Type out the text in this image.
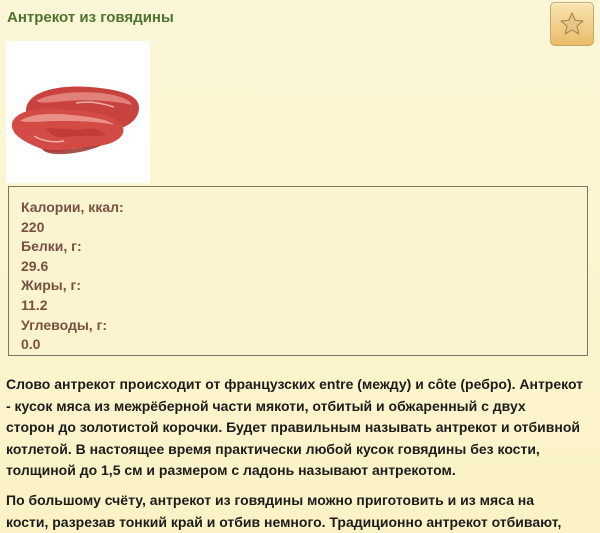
Антрекот из говядины
Калории, ккал:
220
Белки, г:
29.6
Жиры, г:
11.2
Углеводы, г:
0.0
Слово антрекот происходит от французских entre (между) и côte (ребро). Антрекот
- кусок мяса из межрёберной части мякоти, отбитый и обжаренный с двух
сторон до золотистой корочки. Будет правильным называть антрекот и отбивной
котлетой. В настоящее время практически любой кусок говядины без кости,
толщиной до 1,5 см и размером с ладонь называют антрекотом.
По большому счёту, антрекот из говядины можно приготовить и из мяса на
кости, разрезав тонкий край и отбив немного. Традиционно антрекот отбивают,
